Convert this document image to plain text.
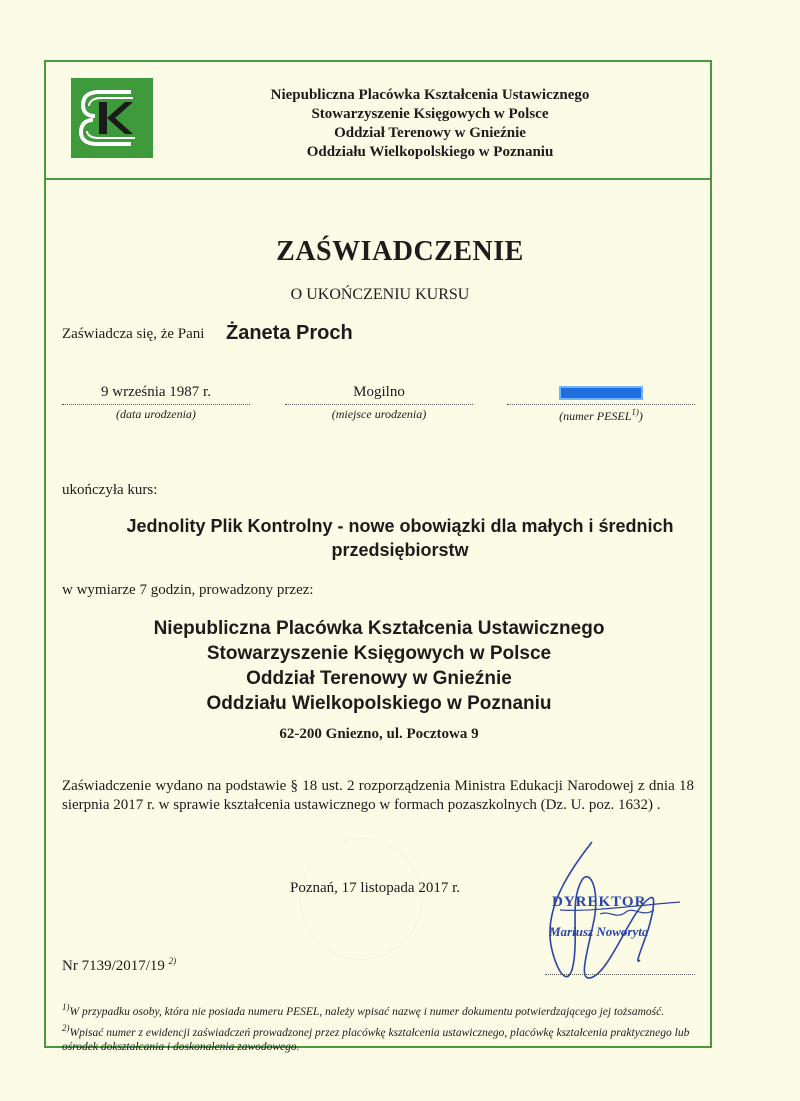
Niepubliczna Placówka Kształcenia Ustawicznego
Stowarzyszenie Księgowych w Polsce
Oddział Terenowy w Gnieźnie
Oddziału Wielkopolskiego w Poznaniu
ZAŚWIADCZENIE
O UKOŃCZENIU KURSU
Zaświadcza się, że Pani Żaneta Proch
9 września 1987 r.
(data urodzenia)
Mogilno
(miejsce urodzenia)	(numer PESEL$^{1)}$)
ukończyła kurs:
Jednolity Plik Kontrolny - nowe obowiązki dla małych i średnich
przedsiębiorstw
w wymiarze 7 godzin, prowadzony przez:
Niepubliczna Placówka Kształcenia Ustawicznego
Stowarzyszenie Księgowych w Polsce
Oddział Terenowy w Gnieźnie
Oddziału Wielkopolskiego w Poznaniu
62-200 Gniezno, ul. Pocztowa 9
Zaświadczenie wydano na podstawie § 18 ust. 2 rozporządzenia Ministra Edukacji Narodowej z dnia 18 sierpnia 2017 r. w sprawie kształcenia ustawicznego w formach pozaszkolnych (Dz. U. poz. 1632) .
Poznań, 17 listopada 2017 r.
DYREKTOR
Mariusz Noworyta
Nr 7139/2017/19 $^{2)}$
$^{1)}$W przypadku osoby, która nie posiada numeru PESEL, należy wpisać nazwę i numer dokumentu potwierdzającego jej tożsamość.
$^{2)}$Wpisać numer z ewidencji zaświadczeń prowadzonej przez placówkę kształcenia ustawicznego, placówkę kształcenia praktycznego lub ośrodek dokształcania i doskonalenia zawodowego.
